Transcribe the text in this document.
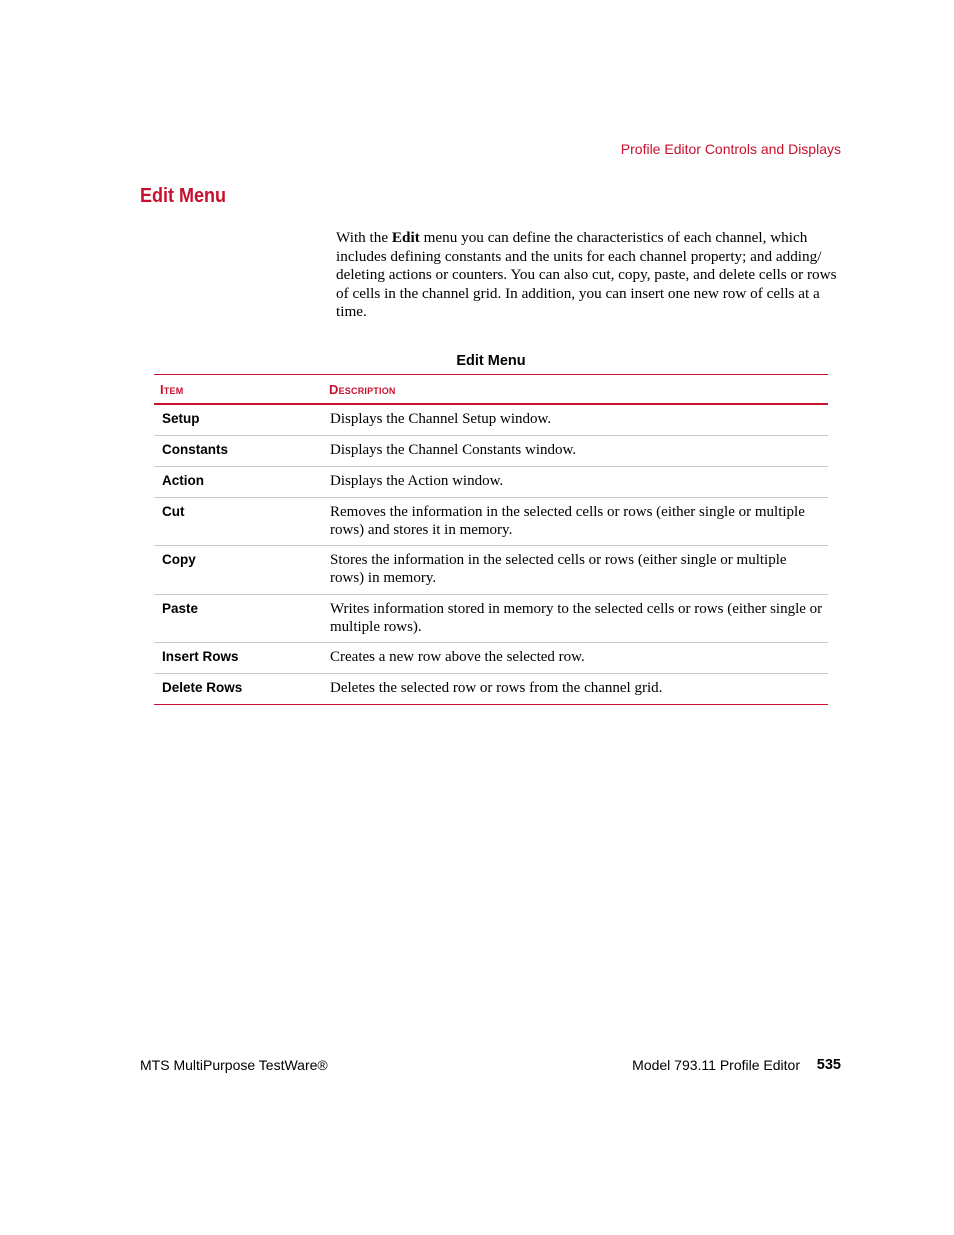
Profile Editor Controls and Displays
Edit Menu

With the Edit menu you can define the characteristics of each channel, which includes defining constants and the units for each channel property; and adding/ deleting actions or counters. You can also cut, copy, paste, and delete cells or rows of cells in the channel grid. In addition, you can insert one new row of cells at a time.

Edit Menu
Item	Description
Setup	Displays the Channel Setup window.
Constants	Displays the Channel Constants window.
Action	Displays the Action window.
Cut	Removes the information in the selected cells or rows (either single or multiple rows) and stores it in memory.
Copy	Stores the information in the selected cells or rows (either single or multiple rows) in memory.
Paste	Writes information stored in memory to the selected cells or rows (either single or multiple rows).
Insert Rows	Creates a new row above the selected row.
Delete Rows	Deletes the selected row or rows from the channel grid.
MTS MultiPurpose TestWare®	Model 793.11 Profile Editor 535
